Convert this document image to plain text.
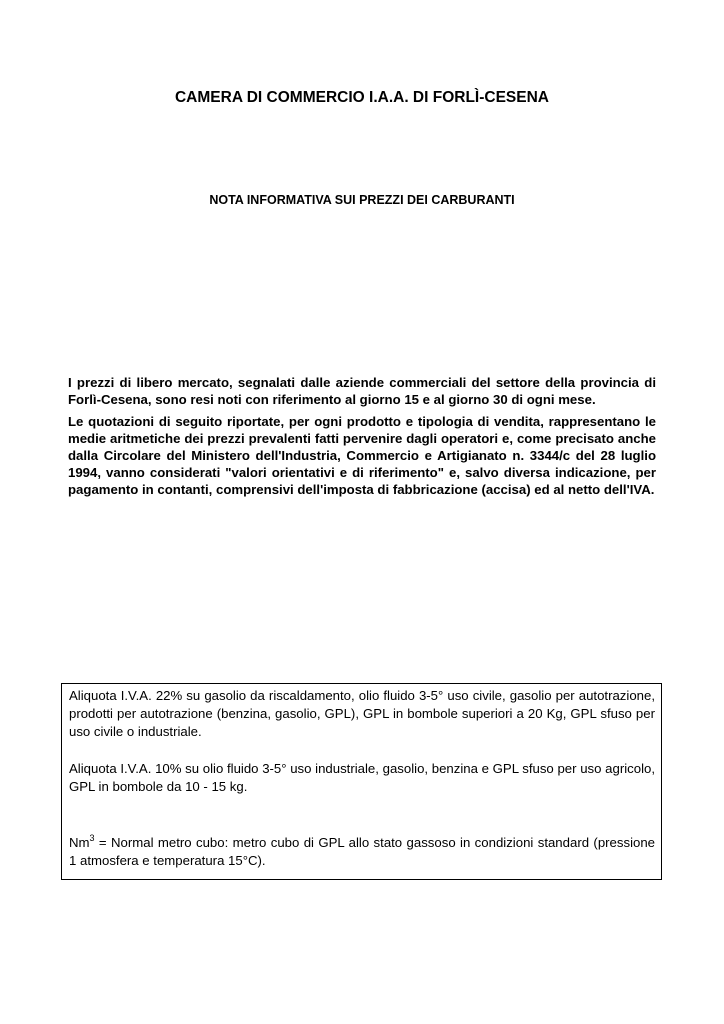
CAMERA DI COMMERCIO I.A.A. DI FORLÌ-CESENA
NOTA INFORMATIVA SUI PREZZI DEI CARBURANTI

I prezzi di libero mercato, segnalati dalle aziende commerciali del settore della provincia di Forlì-Cesena, sono resi noti con riferimento al giorno 15 e al giorno 30 di ogni mese.

Le quotazioni di seguito riportate, per ogni prodotto e tipologia di vendita, rappresentano le medie aritmetiche dei prezzi prevalenti fatti pervenire dagli operatori e, come precisato anche dalla Circolare del Ministero dell'Industria, Commercio e Artigianato n. 3344/c del 28 luglio 1994, vanno considerati "valori orientativi e di riferimento" e, salvo diversa indicazione, per pagamento in contanti, comprensivi dell'imposta di fabbricazione (accisa) ed al netto dell'IVA.

Aliquota I.V.A. 22% su gasolio da riscaldamento, olio fluido 3-5° uso civile, gasolio per autotrazione, prodotti per autotrazione (benzina, gasolio, GPL), GPL in bombole superiori a 20 Kg, GPL sfuso per uso civile o industriale.

Aliquota I.V.A. 10% su olio fluido 3-5° uso industriale, gasolio, benzina e GPL sfuso per uso agricolo, GPL in bombole da 10 - 15 kg.

$Nm^3$ = Normal metro cubo: metro cubo di GPL allo stato gassoso in condizioni standard (pressione 1 atmosfera e temperatura 15°C).
